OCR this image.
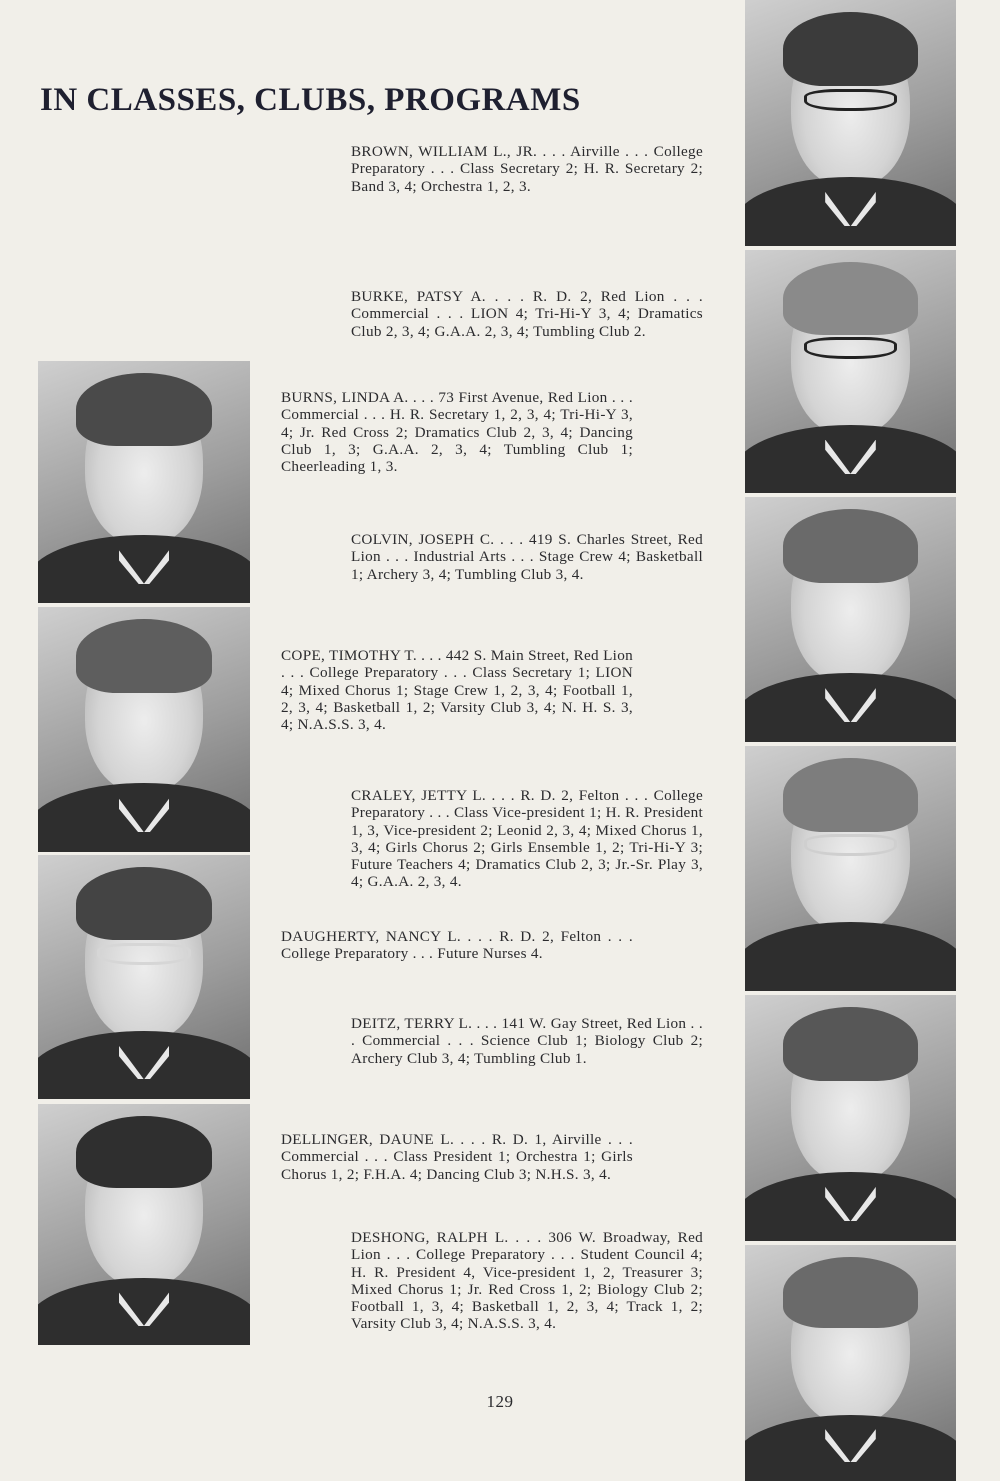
IN CLASSES, CLUBS, PROGRAMS

BROWN, WILLIAM L., JR. . . . Airville . . . College Preparatory . . . Class Secretary 2; H. R. Secretary 2; Band 3, 4; Orchestra 1, 2, 3.

BURKE, PATSY A. . . . R. D. 2, Red Lion . . . Commercial . . . LION 4; Tri-Hi-Y 3, 4; Dramatics Club 2, 3, 4; G.A.A. 2, 3, 4; Tumbling Club 2.

BURNS, LINDA A. . . . 73 First Avenue, Red Lion . . . Commercial . . . H. R. Secretary 1, 2, 3, 4; Tri-Hi-Y 3, 4; Jr. Red Cross 2; Dramatics Club 2, 3, 4; Dancing Club 1, 3; G.A.A. 2, 3, 4; Tumbling Club 1; Cheerleading 1, 3.

COLVIN, JOSEPH C. . . . 419 S. Charles Street, Red Lion . . . Industrial Arts . . . Stage Crew 4; Basketball 1; Archery 3, 4; Tumbling Club 3, 4.

COPE, TIMOTHY T. . . . 442 S. Main Street, Red Lion . . . College Preparatory . . . Class Secretary 1; LION 4; Mixed Chorus 1; Stage Crew 1, 2, 3, 4; Football 1, 2, 3, 4; Basketball 1, 2; Varsity Club 3, 4; N. H. S. 3, 4; N.A.S.S. 3, 4.

CRALEY, JETTY L. . . . R. D. 2, Felton . . . College Preparatory . . . Class Vice-president 1; H. R. President 1, 3, Vice-president 2; Leonid 2, 3, 4; Mixed Chorus 1, 3, 4; Girls Chorus 2; Girls Ensemble 1, 2; Tri-Hi-Y 3; Future Teachers 4; Dramatics Club 2, 3; Jr.-Sr. Play 3, 4; G.A.A. 2, 3, 4.

DAUGHERTY, NANCY L. . . . R. D. 2, Felton . . . College Preparatory . . . Future Nurses 4.

DEITZ, TERRY L. . . . 141 W. Gay Street, Red Lion . . . Commercial . . . Science Club 1; Biology Club 2; Archery Club 3, 4; Tumbling Club 1.

DELLINGER, DAUNE L. . . . R. D. 1, Airville . . . Commercial . . . Class President 1; Orchestra 1; Girls Chorus 1, 2; F.H.A. 4; Dancing Club 3; N.H.S. 3, 4.

DESHONG, RALPH L. . . . 306 W. Broadway, Red Lion . . . College Preparatory . . . Student Council 4; H. R. President 4, Vice-president 1, 2, Treasurer 3; Mixed Chorus 1; Jr. Red Cross 1, 2; Biology Club 2; Football 1, 3, 4; Basketball 1, 2, 3, 4; Track 1, 2; Varsity Club 3, 4; N.A.S.S. 3, 4.

129
